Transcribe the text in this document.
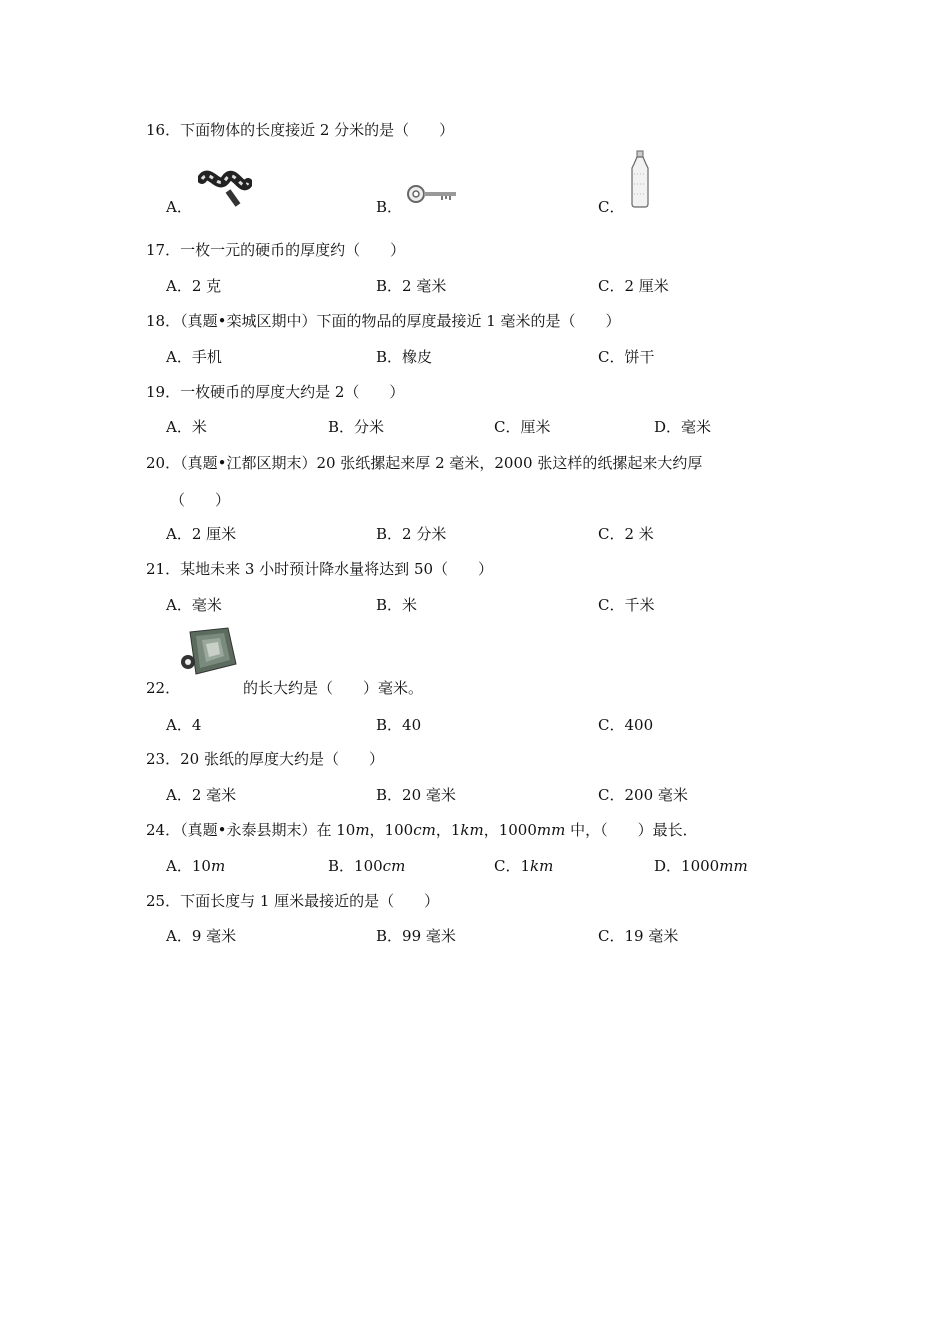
16．下面物体的长度接近 2 分米的是（　　）
A．	B．	C．
17．一枚一元的硬币的厚度约（　　）
A．2 克	B．2 毫米	C．2 厘米
18．（真题•栾城区期中）下面的物品的厚度最接近 1 毫米的是（　　）
A．手机	B．橡皮	C．饼干
19．一枚硬币的厚度大约是 2（　　）
A．米	B．分米	C．厘米	D．毫米
20．（真题•江都区期末）20 张纸摞起来厚 2 毫米，2000 张这样的纸摞起来大约厚
（　　）
A．2 厘米	B．2 分米	C．2 米
21．某地未来 3 小时预计降水量将达到 50（　　）
A．毫米	B．米	C．千米
22．	的长大约是（　　）毫米。
A．4	B．40	C．400
23．20 张纸的厚度大约是（　　）
A．2 毫米	B．20 毫米	C．200 毫米
24．（真题•永泰县期末）在 10m，100cm，1km，1000mm 中，（　　）最长．
A．10m	B．100cm	C．1km	D．1000mm
25．下面长度与 1 厘米最接近的是（　　）
A．9 毫米	B．99 毫米	C．19 毫米
